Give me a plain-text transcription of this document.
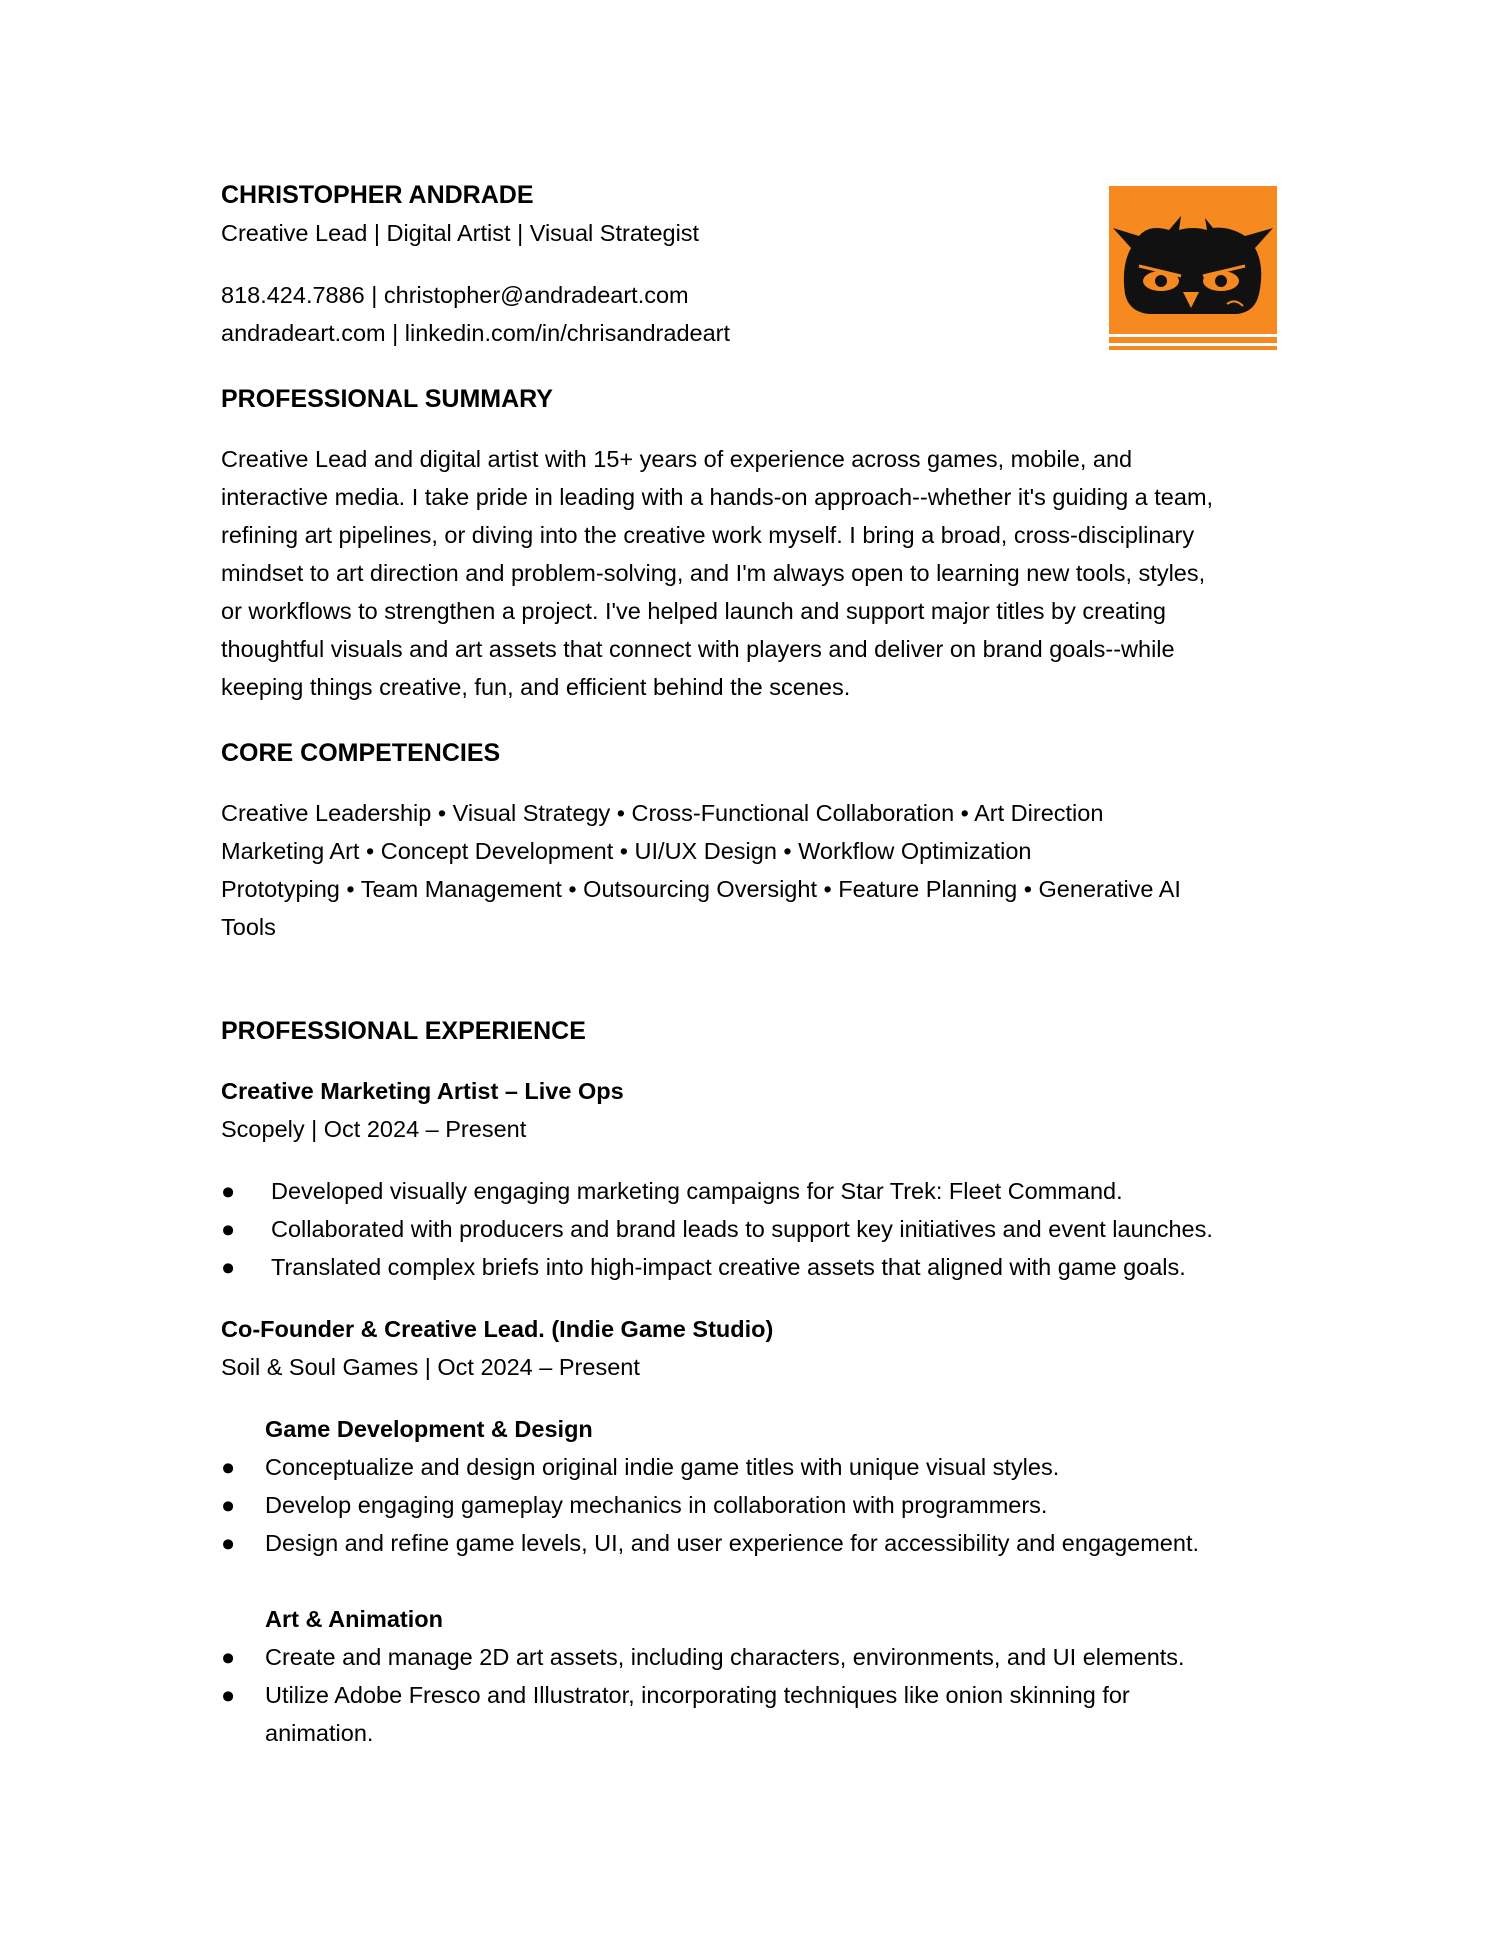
CHRISTOPHER ANDRADE

Creative Lead | Digital Artist | Visual Strategist

818.424.7886 | christopher@andradeart.com

andradeart.com | linkedin.com/in/chrisandradeart

PROFESSIONAL SUMMARY

Creative Lead and digital artist with 15+ years of experience across games, mobile, and

interactive media. I take pride in leading with a hands-on approach--whether it's guiding a team,

refining art pipelines, or diving into the creative work myself. I bring a broad, cross-disciplinary

mindset to art direction and problem-solving, and I'm always open to learning new tools, styles,

or workflows to strengthen a project. I've helped launch and support major titles by creating

thoughtful visuals and art assets that connect with players and deliver on brand goals--while

keeping things creative, fun, and efficient behind the scenes.

CORE COMPETENCIES

Creative Leadership • Visual Strategy • Cross-Functional Collaboration • Art Direction

Marketing Art • Concept Development • UI/UX Design • Workflow Optimization

Prototyping • Team Management • Outsourcing Oversight • Feature Planning • Generative AI

Tools

PROFESSIONAL EXPERIENCE

Creative Marketing Artist – Live Ops

Scopely | Oct 2024 – Present

●	Developed visually engaging marketing campaigns for Star Trek: Fleet Command.
●	Collaborated with producers and brand leads to support key initiatives and event launches.
●	Translated complex briefs into high-impact creative assets that aligned with game goals.

Co-Founder & Creative Lead. (Indie Game Studio)

Soil & Soul Games | Oct 2024 – Present

Game Development & Design

●	Conceptualize and design original indie game titles with unique visual styles.
●	Develop engaging gameplay mechanics in collaboration with programmers.
●	Design and refine game levels, UI, and user experience for accessibility and engagement.

Art & Animation

●	Create and manage 2D art assets, including characters, environments, and UI elements.
●	Utilize Adobe Fresco and Illustrator, incorporating techniques like onion skinning for
animation.
